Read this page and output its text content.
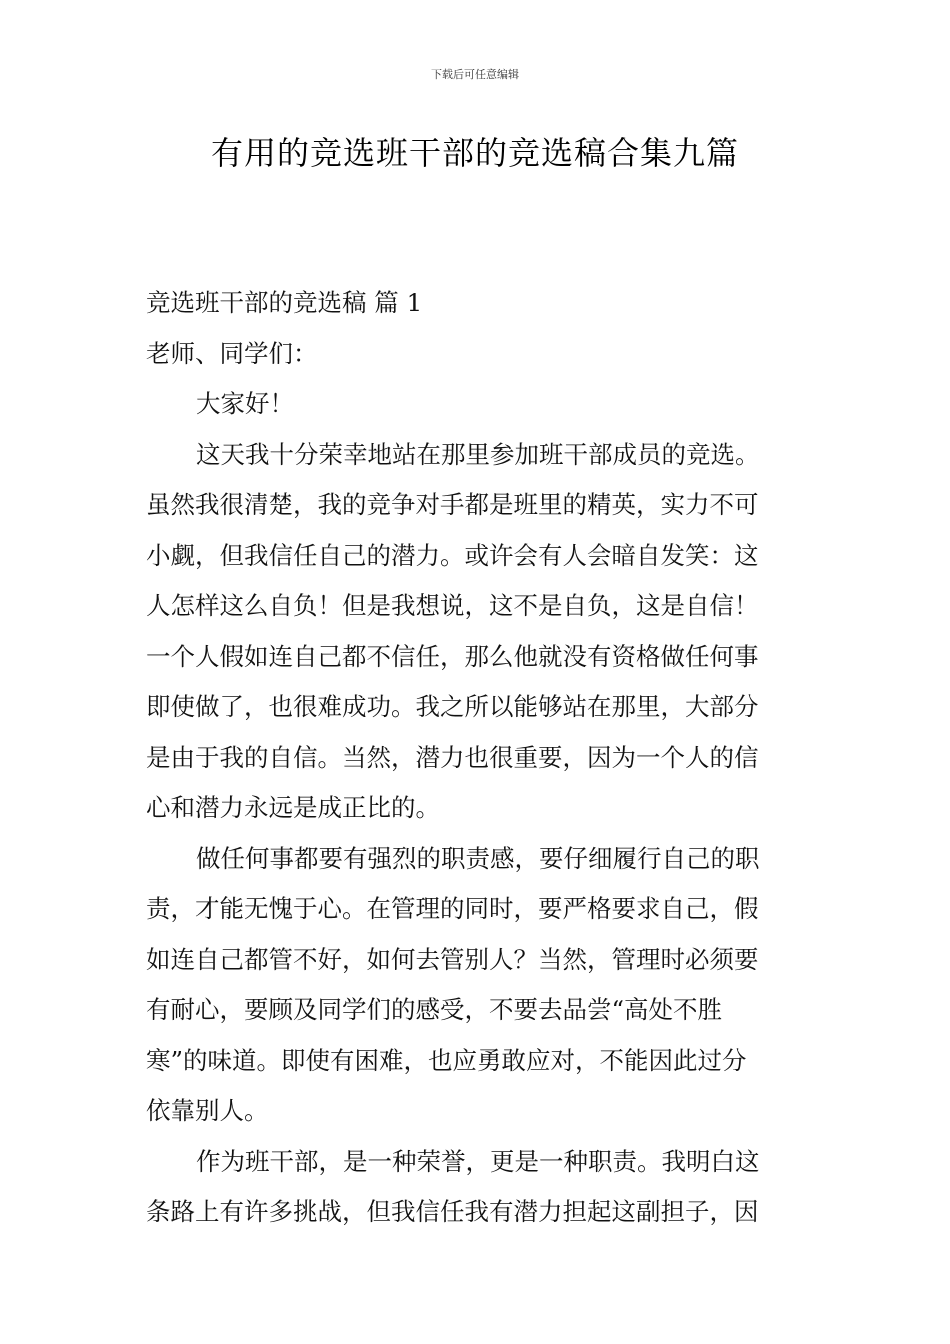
下载后可任意编辑
有用的竞选班干部的竞选稿合集九篇
竞选班干部的竞选稿 篇 1
老师、同学们：
大家好！
这天我十分荣幸地站在那里参加班干部成员的竞选。
虽然我很清楚，我的竞争对手都是班里的精英，实力不可
小觑，但我信任自己的潜力。或许会有人会暗自发笑：这
人怎样这么自负！但是我想说，这不是自负，这是自信！
一个人假如连自己都不信任，那么他就没有资格做任何事
即使做了，也很难成功。我之所以能够站在那里，大部分
是由于我的自信。当然，潜力也很重要，因为一个人的信
心和潜力永远是成正比的。
做任何事都要有强烈的职责感，要仔细履行自己的职
责，才能无愧于心。在管理的同时，要严格要求自己，假
如连自己都管不好，如何去管别人？当然，管理时必须要
有耐心，要顾及同学们的感受，不要去品尝“高处不胜
寒”的味道。即使有困难，也应勇敢应对，不能因此过分
依靠别人。
作为班干部，是一种荣誉，更是一种职责。我明白这
条路上有许多挑战，但我信任我有潜力担起这副担子，因
